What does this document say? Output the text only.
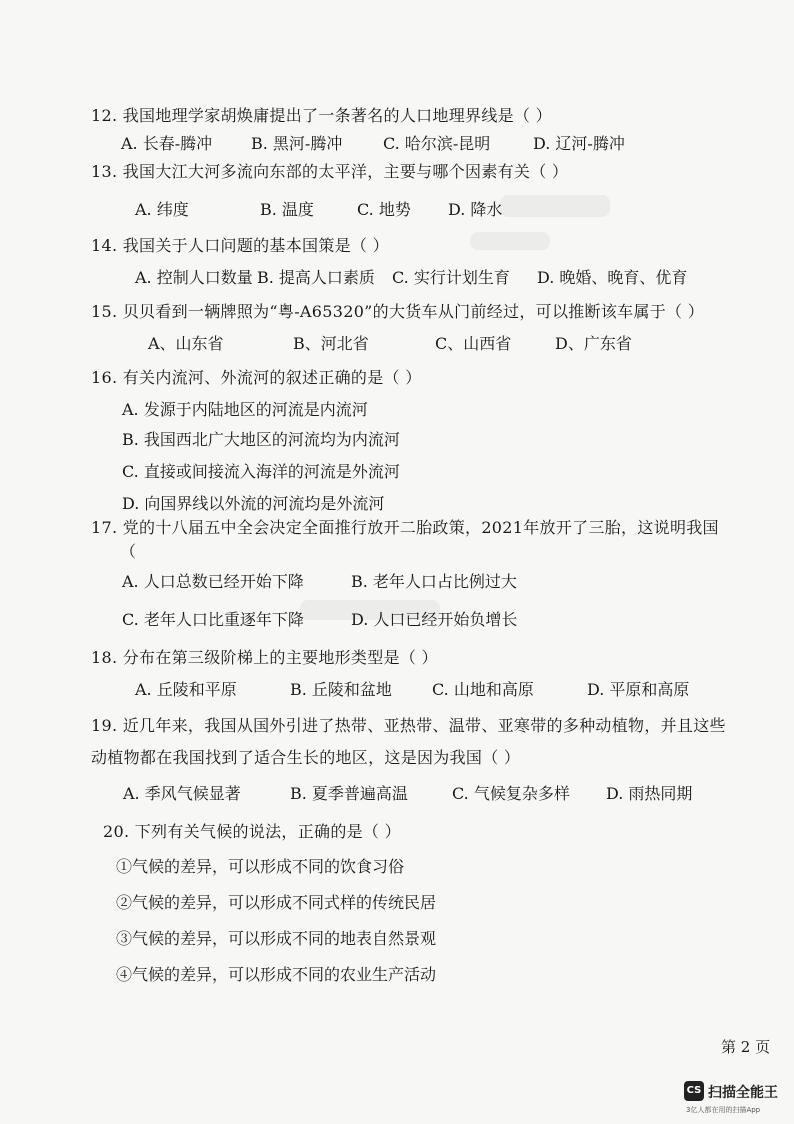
12. 我国地理学家胡焕庸提出了一条著名的人口地理界线是（ ）
A. 长春-腾冲 B. 黑河-腾冲	C. 哈尔滨-昆明	D. 辽河-腾冲
13. 我国大江大河多流向东部的太平洋，主要与哪个因素有关（ ）
A. 纬度	B. 温度	C. 地势 D. 降水
14. 我国关于人口问题的基本国策是（ ）
A. 控制人口数量 B. 提高人口素质 C. 实行计划生育 D. 晚婚、晚育、优育
15. 贝贝看到一辆牌照为“粤-A65320”的大货车从门前经过，可以推断该车属于（ ）
A、山东省	B、河北省	C、山西省	D、广东省
16. 有关内流河、外流河的叙述正确的是（ ）
A. 发源于内陆地区的河流是内流河
B. 我国西北广大地区的河流均为内流河
C. 直接或间接流入海洋的河流是外流河
D. 向国界线以外流的河流均是外流河
17. 党的十八届五中全会决定全面推行放开二胎政策，2021年放开了三胎，这说明我国
（
A. 人口总数已经开始下降	B. 老年人口占比例过大
C. 老年人口比重逐年下降	D. 人口已经开始负增长
18. 分布在第三级阶梯上的主要地形类型是（ ）
A. 丘陵和平原	B. 丘陵和盆地	C. 山地和高原	D. 平原和高原
19. 近几年来，我国从国外引进了热带、亚热带、温带、亚寒带的多种动植物，并且这些
动植物都在我国找到了适合生长的地区，这是因为我国（ ）
A. 季风气候显著	B. 夏季普遍高温	C. 气候复杂多样 D. 雨热同期
20. 下列有关气候的说法，正确的是（ ）
①气候的差异，可以形成不同的饮食习俗
②气候的差异，可以形成不同式样的传统民居
③气候的差异，可以形成不同的地表自然景观
④气候的差异，可以形成不同的农业生产活动
第 2 页
CS 扫描全能王
3亿人都在用的扫描App
